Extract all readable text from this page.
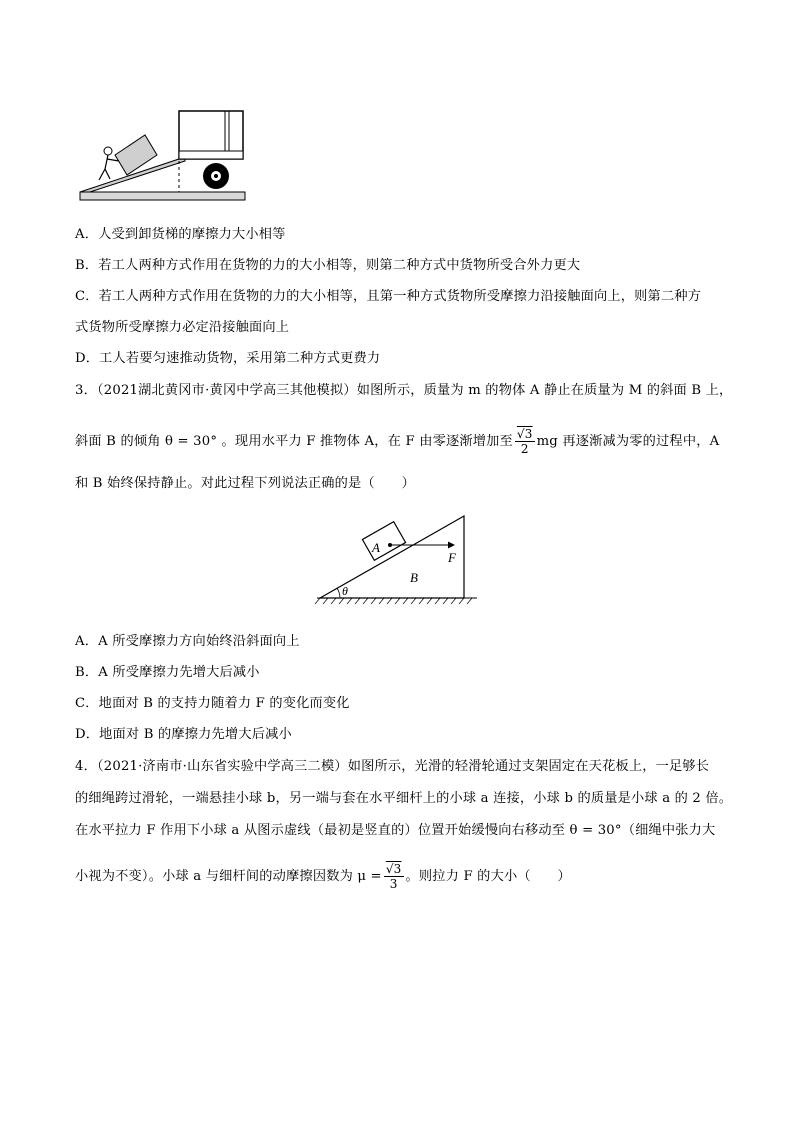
A．人受到卸货梯的摩擦力大小相等
B．若工人两种方式作用在货物的力的大小相等，则第二种方式中货物所受合外力更大
C．若工人两种方式作用在货物的力的大小相等，且第一种方式货物所受摩擦力沿接触面向上，则第二种方
式货物所受摩擦力必定沿接触面向上
D．工人若要匀速推动货物，采用第二种方式更费力
3．（2021湖北黄冈市·黄冈中学高三其他模拟）如图所示，质量为 m 的物体 A 静止在质量为 M 的斜面 B 上，
斜面 B 的倾角 θ = 30° 。现用水平力 F 推物体 A，在 F 由零逐渐增加至 $\frac{√3}{2}$ mg 再逐渐减为零的过程中，A
和 B 始终保持静止。对此过程下列说法正确的是（　　）
θ
A
F
B
A．A 所受摩擦力方向始终沿斜面向上
B．A 所受摩擦力先增大后减小
C．地面对 B 的支持力随着力 F 的变化而变化
D．地面对 B 的摩擦力先增大后减小
4．（2021·济南市·山东省实验中学高三二模）如图所示，光滑的轻滑轮通过支架固定在天花板上，一足够长
的细绳跨过滑轮，一端悬挂小球 b，另一端与套在水平细杆上的小球 a 连接，小球 b 的质量是小球 a 的 2 倍。
在水平拉力 F 作用下小球 a 从图示虚线（最初是竖直的）位置开始缓慢向右移动至 θ = 30°（细绳中张力大
小视为不变）。小球 a 与细杆间的动摩擦因数为 $\mu = \frac{√3}{3}$ 。则拉力 F 的大小（　　）
